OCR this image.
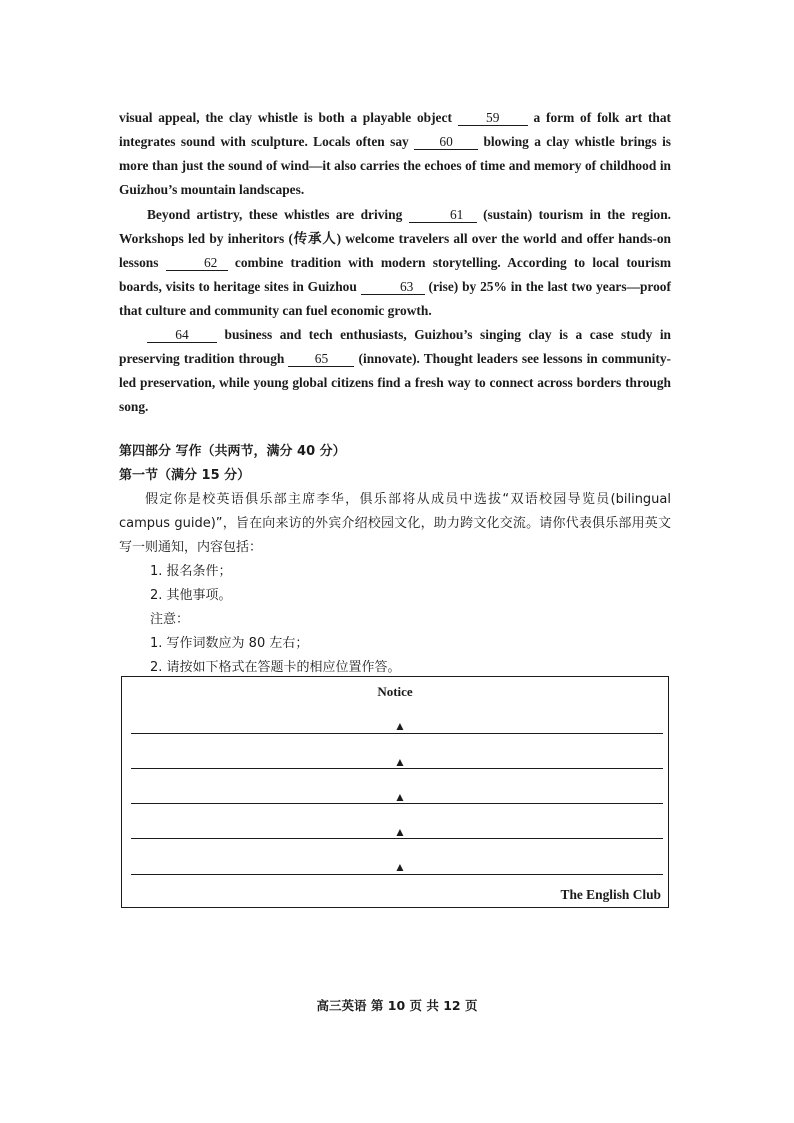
visual appeal, the clay whistle is both a playable object	59	a form of folk art that integrates sound with sculpture. Locals often say 60 blowing a clay whistle brings is more than just the sound of wind—it also carries the echoes of time and memory of childhood in Guizhou’s mountain landscapes.

Beyond artistry, these whistles are driving	61 (sustain) tourism in the region. Workshops led by inheritors (传承人) welcome travelers all over the world and offer hands-on lessons	62 combine tradition with modern storytelling. According to local tourism boards, visits to heritage sites in Guizhou	63 (rise) by 25% in the last two years—proof that culture and community can fuel economic growth.

64	business and tech enthusiasts, Guizhou’s singing clay is a case study in preserving tradition through 65 (innovate). Thought leaders see lessons in community-led preservation, while young global citizens find a fresh way to connect across borders through song.

第四部分 写作（共两节，满分 40 分）

第一节（满分 15 分）

假定你是校英语俱乐部主席李华，俱乐部将从成员中选拔“双语校园导览员(bilingual campus guide)”，旨在向来访的外宾介绍校园文化，助力跨文化交流。请你代表俱乐部用英文写一则通知，内容包括：

1. 报名条件；

2. 其他事项。

注意：

1. 写作词数应为 80 左右；

2. 请按如下格式在答题卡的相应位置作答。

Notice
▲
▲
▲
▲
▲
The English Club
高三英语 第 10 页 共 12 页
